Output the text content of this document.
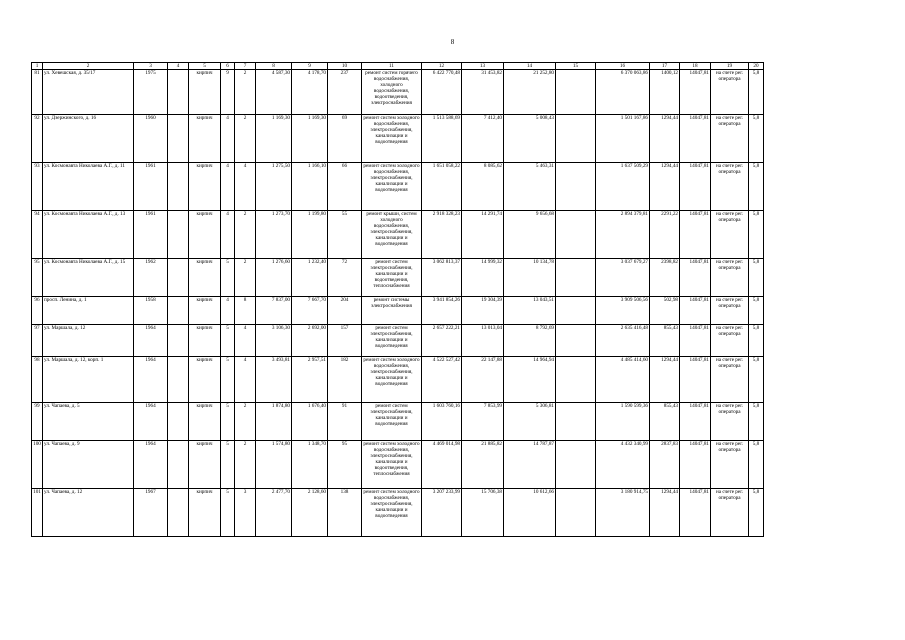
8
1	2	3	4	5	6	7	8	9	10	11	12	13	14	15	16	17	18	19	20
81	ул. Хевешская, д. 35/17	1975		кирпич	9	2	4 587,30	4 178,70	237	ремонт систем горячего водоснабжения, холодного водоснабжения, водоотведения, электроснабжения	6 422 770,48	31 453,82	21 252,80		6 370 063,86	1400,12	14047,81	на счете рег. оператора	5,8
92	ул. Дзержинского, д. 16	1960		кирпич	4	2	1 169,30	1 169,30	69	ремонт систем холодного водоснабжения, электроснабжения, канализации и водоотведения	1 513 588,69	7 412,40	5 008,43		1 501 167,86	1294,44	14047,81	на счете рег. оператора	5,8
93	ул. Космонавта Николаева А.Г., д. 11	1961		кирпич	4	4	1 275,50	1 166,10	66	ремонт систем холодного водоснабжения, электроснабжения, канализации и водоотведения	1 651 058,22	8 085,62	5 463,31		1 637 509,29	1294,44	14047,81	на счете рег. оператора	5,8
94	ул. Космонавта Николаева А.Г., д. 13	1961		кирпич	4	2	1 273,70	1 199,80	55	ремонт крыши, систем холодного водоснабжения, электроснабжения, канализации и водоотведения	2 918 328,23	14 291,74	9 656,68		2 894 379,81	2291,22	14047,81	на счете рег. оператора	5,8
95	ул. Космонавта Николаева А.Г., д. 15	1962		кирпич	5	2	1 276,60	1 232,40	72	ремонт систем электроснабжения, канализации и водоотведения, теплоснабжения	3 062 813,37	14 999,32	10 134,78		3 037 679,27	2398,82	14047,81	на счете рег. оператора	5,8
96	просп. Ленина, д. 1	1958		кирпич	4	8	7 837,00	7 667,70	204	ремонт системы электроснабжения	3 941 854,26	19 304,39	13 043,51		3 909 506,56	502,98	14047,81	на счете рег. оператора	5,8
97	ул. Маршала, д. 12	1964		кирпич	5	4	3 106,30	2 692,00	157	ремонт систем электроснабжения, канализации и водоотведения	2 657 222,21	13 013,04	8 792,69		2 635 416,48	855,43	14047,81	на счете рег. оператора	5,8
98	ул. Маршала, д. 12, корп. 1	1964		кирпич	5	4	3 493,81	2 957,51	182	ремонт систем холодного водоснабжения, электроснабжения, канализации и водоотведения	4 522 527,42	22 147,88	14 964,94		4 485 414,60	1294,44	14047,81	на счете рег. оператора	5,8
99	ул. Чапаева, д. 5	1964		кирпич	5	2	1 874,80	1 676,40	91	ремонт систем электроснабжения, канализации и водоотведения	1 603 760,16	7 853,99	5 306,81		1 590 599,36	855,43	14047,81	на счете рег. оператора	5,8
100	ул. Чапаева, д. 9	1964		кирпич	5	2	1 574,80	1 348,70	95	ремонт систем холодного водоснабжения, электроснабжения, канализации и водоотведения, теплоснабжения	4 469 014,98	21 885,82	14 787,87		4 432 340,99	2837,83	14047,81	на счете рег. оператора	5,8
101	ул. Чапаева, д. 12	1967		кирпич	5	3	2 477,70	2 128,60	138	ремонт систем холодного водоснабжения, электроснабжения, канализации и водоотведения	3 207 233,99	15 706,38	10 612,66		3 180 914,75	1294,44	14047,81	на счете рег. оператора	5,8
